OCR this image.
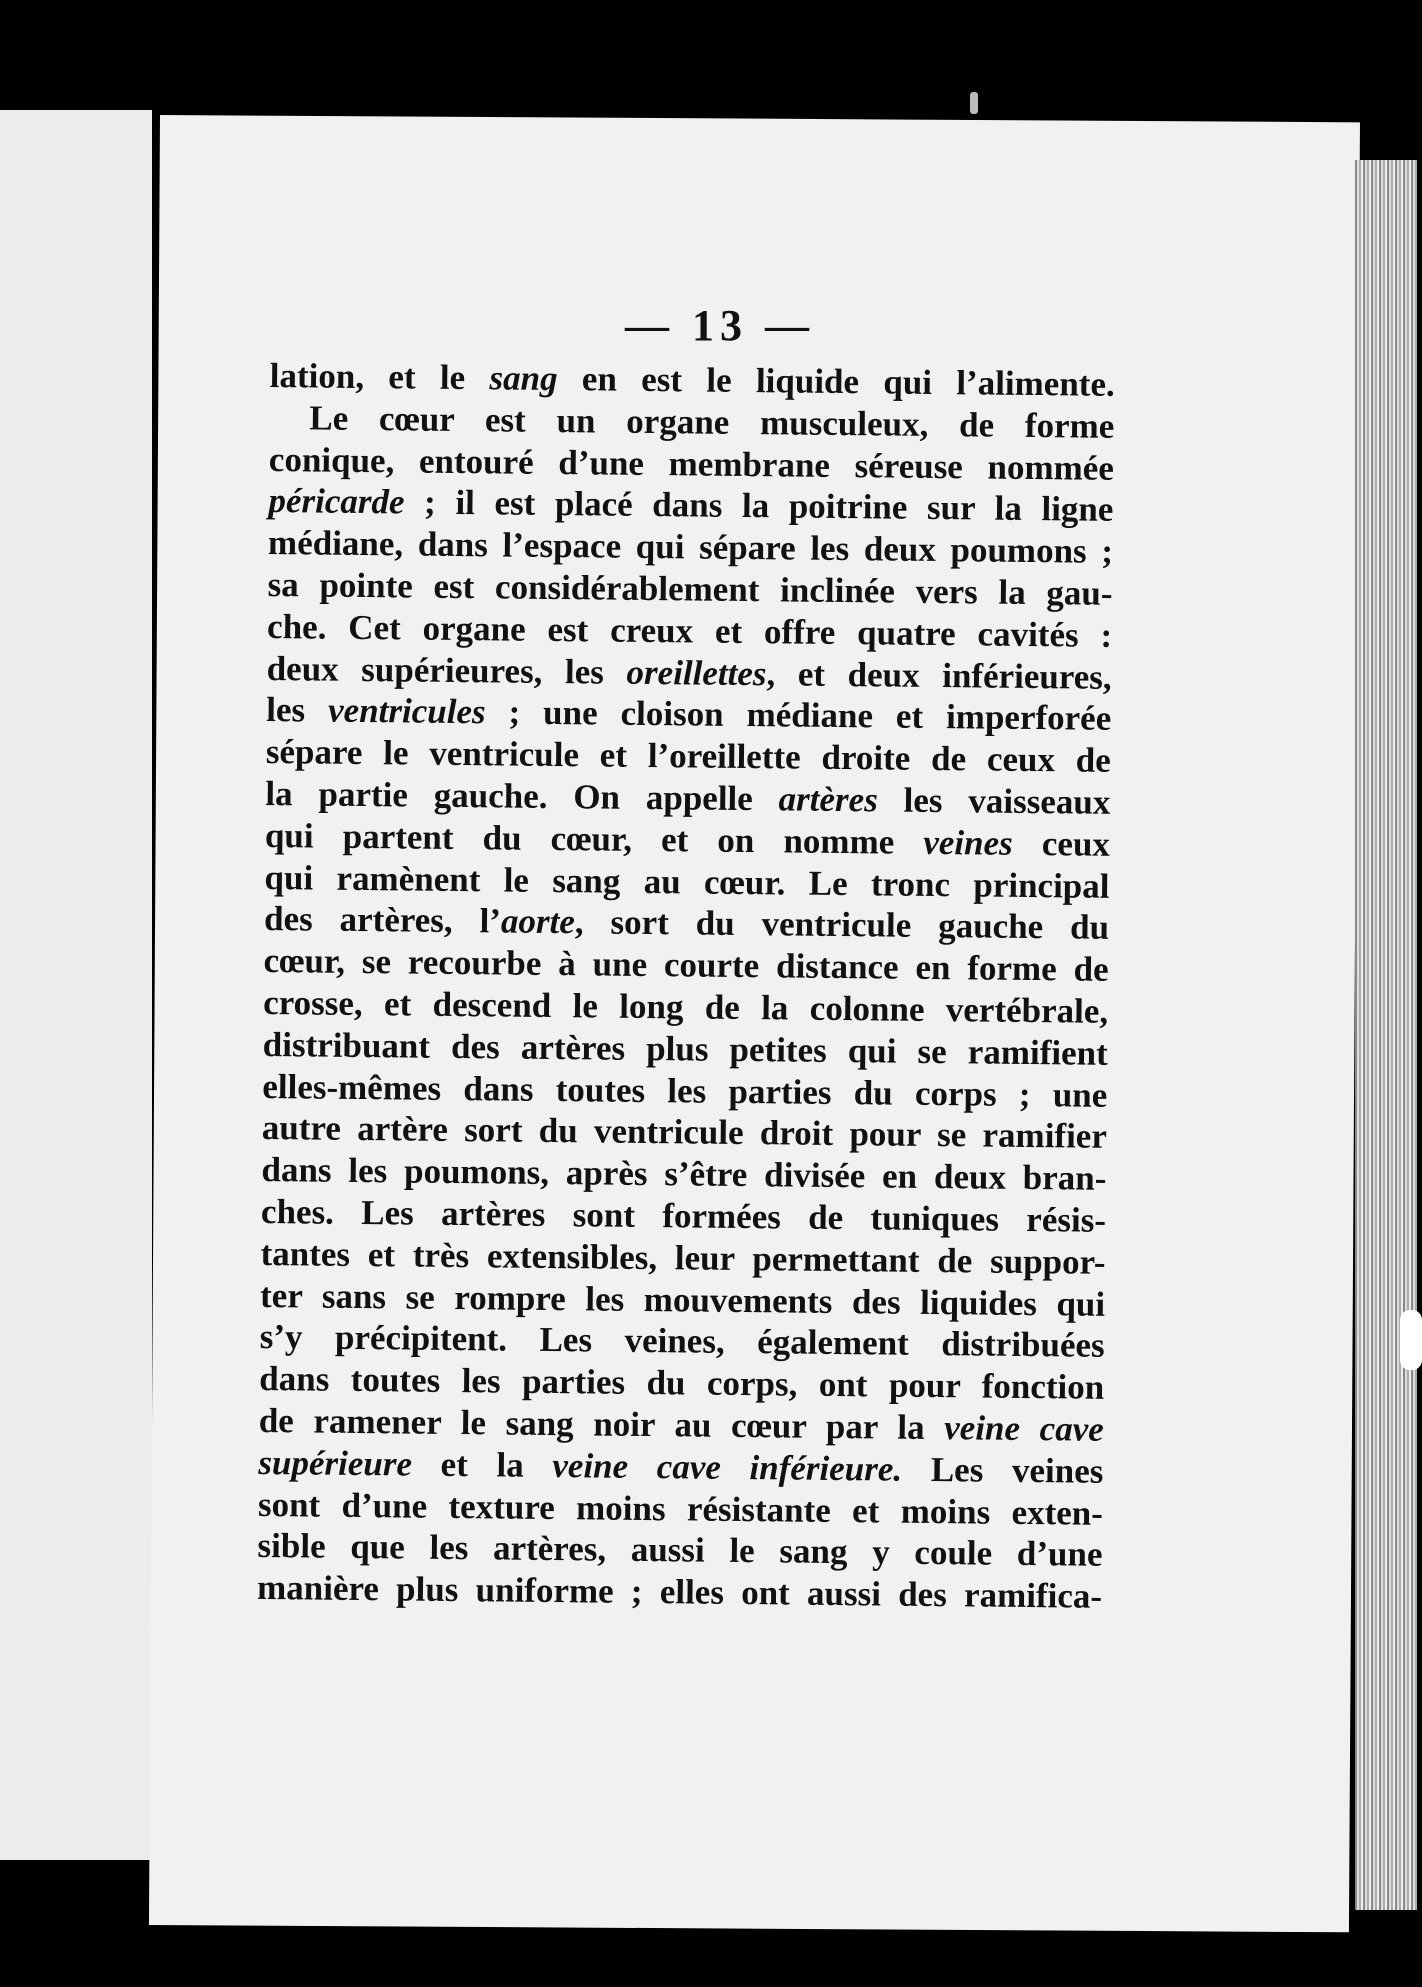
— 13 —
lation, et le sang en est le liquide qui l’alimente.
Le cœur est un organe musculeux, de forme
conique, entouré d’une membrane séreuse nommée
péricarde ; il est placé dans la poitrine sur la ligne
médiane, dans l’espace qui sépare les deux poumons ;
sa pointe est considérablement inclinée vers la gau-
che. Cet organe est creux et offre quatre cavités :
deux supérieures, les oreillettes, et deux inférieures,
les ventricules ; une cloison médiane et imperforée
sépare le ventricule et l’oreillette droite de ceux de
la partie gauche. On appelle artères les vaisseaux
qui partent du cœur, et on nomme veines ceux
qui ramènent le sang au cœur. Le tronc principal
des artères, l’aorte, sort du ventricule gauche du
cœur, se recourbe à une courte distance en forme de
crosse, et descend le long de la colonne vertébrale,
distribuant des artères plus petites qui se ramifient
elles-mêmes dans toutes les parties du corps ; une
autre artère sort du ventricule droit pour se ramifier
dans les poumons, après s’être divisée en deux bran-
ches. Les artères sont formées de tuniques résis-
tantes et très extensibles, leur permettant de suppor-
ter sans se rompre les mouvements des liquides qui
s’y précipitent. Les veines, également distribuées
dans toutes les parties du corps, ont pour fonction
de ramener le sang noir au cœur par la veine cave
supérieure et la veine cave inférieure. Les veines
sont d’une texture moins résistante et moins exten-
sible que les artères, aussi le sang y coule d’une
manière plus uniforme ; elles ont aussi des ramifica-
